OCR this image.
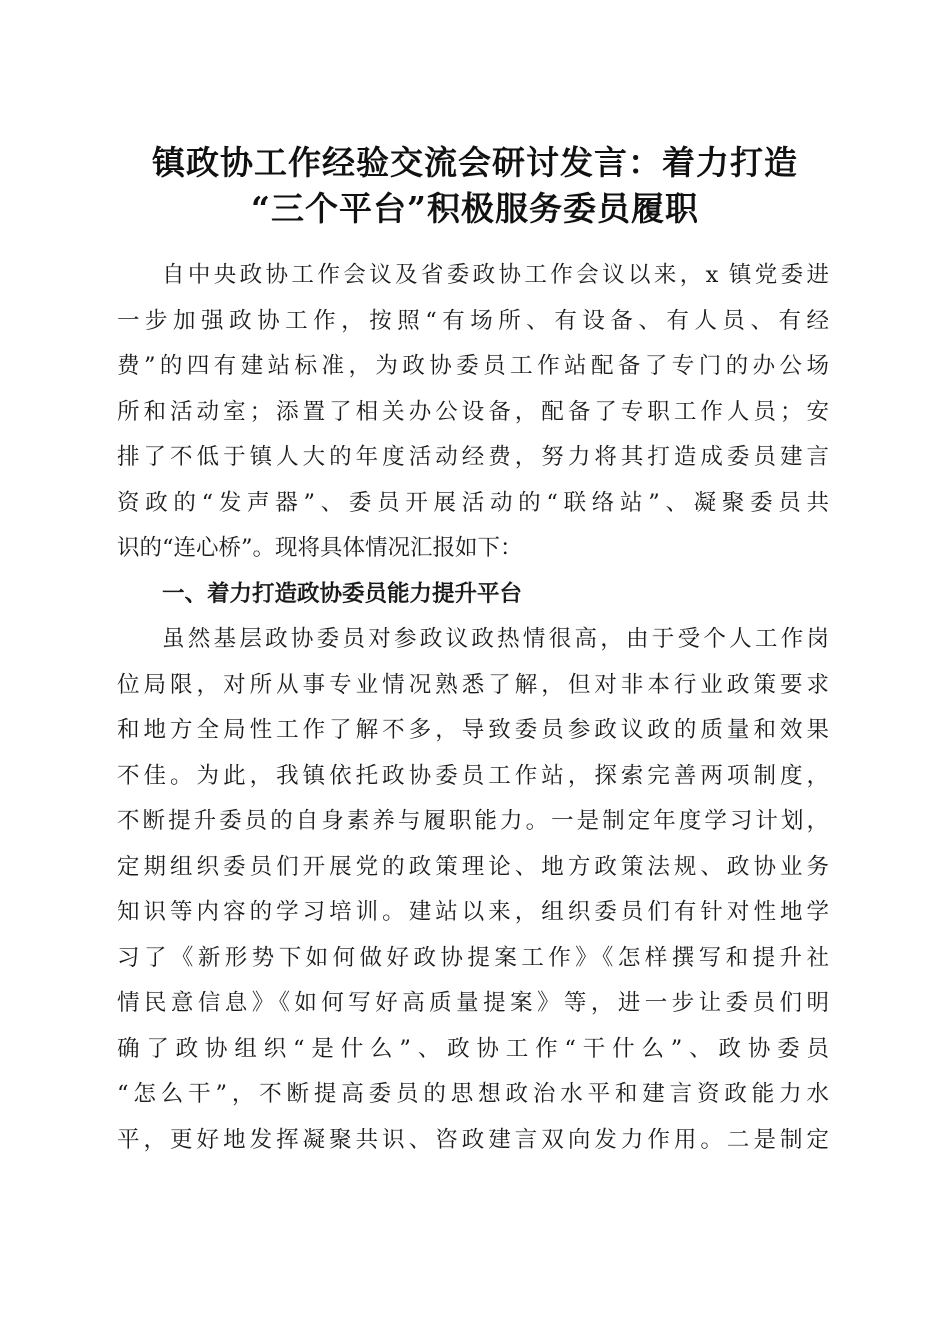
镇政协工作经验交流会研讨发言：着力打造
“三个平台”积极服务委员履职
自中央政协工作会议及省委政协工作会议以来，x 镇党委进
一步加强政协工作，按照“有场所、有设备、有人员、有经
费”的四有建站标准，为政协委员工作站配备了专门的办公场
所和活动室；添置了相关办公设备，配备了专职工作人员；安
排了不低于镇人大的年度活动经费，努力将其打造成委员建言
资政的“发声器”、委员开展活动的“联络站”、凝聚委员共
识的“连心桥”。现将具体情况汇报如下：
一、着力打造政协委员能力提升平台
虽然基层政协委员对参政议政热情很高，由于受个人工作岗
位局限，对所从事专业情况熟悉了解，但对非本行业政策要求
和地方全局性工作了解不多，导致委员参政议政的质量和效果
不佳。为此，我镇依托政协委员工作站，探索完善两项制度，
不断提升委员的自身素养与履职能力。一是制定年度学习计划，
定期组织委员们开展党的政策理论、地方政策法规、政协业务
知识等内容的学习培训。建站以来，组织委员们有针对性地学
习了《新形势下如何做好政协提案工作》《怎样撰写和提升社
情民意信息》《如何写好高质量提案》等，进一步让委员们明
确了政协组织“是什么”、政协工作“干什么”、政协委员
“怎么干”，不断提高委员的思想政治水平和建言资政能力水
平，更好地发挥凝聚共识、咨政建言双向发力作用。二是制定
